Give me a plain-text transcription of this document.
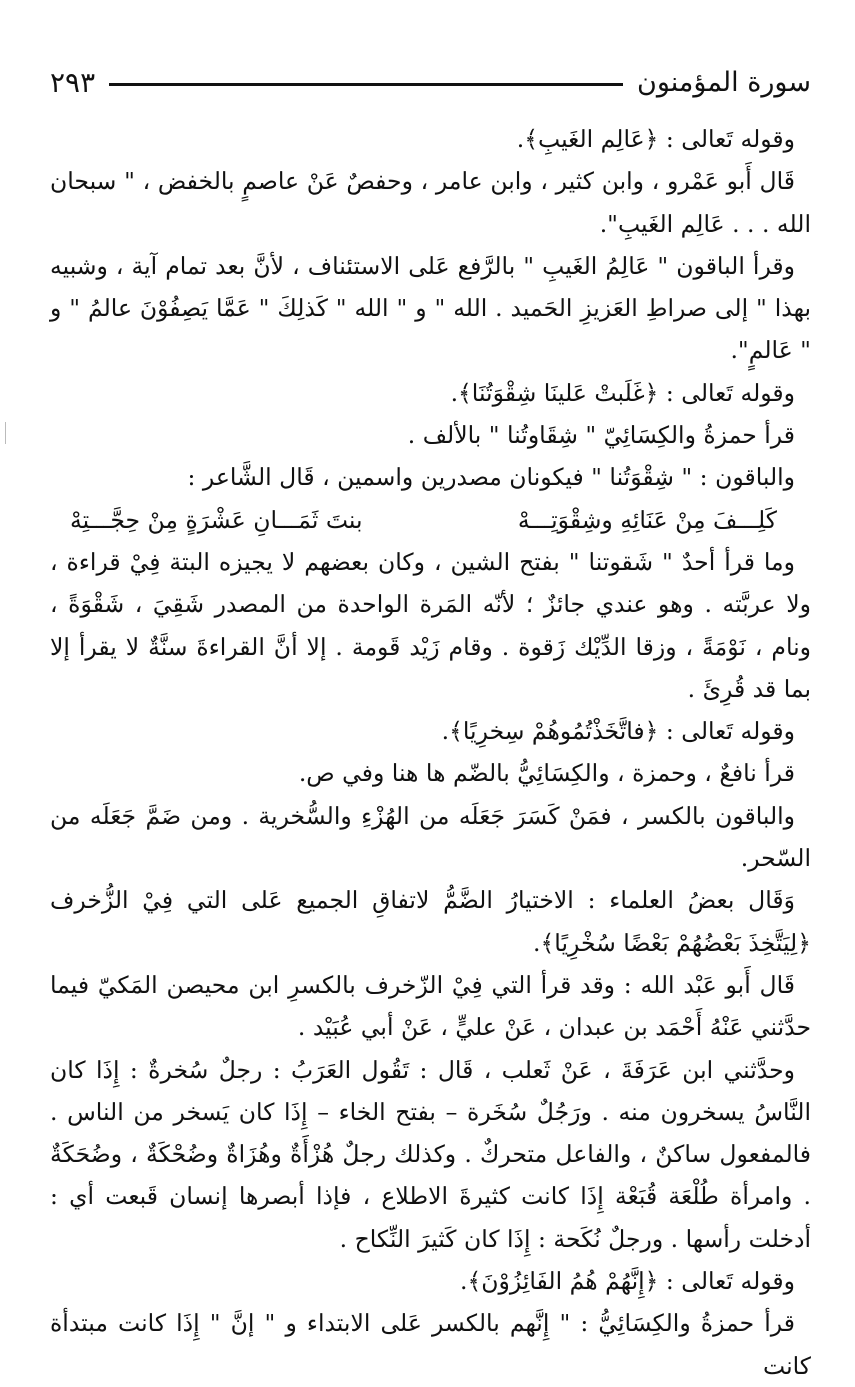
٢٩٣	سورة المؤمنون

وقوله تَعالى : ﴿عَالِم الغَيبِ﴾.

قَال أَبو عَمْرو ، وابن كثير ، وابن عامر ، وحفصٌ عَنْ عاصمٍ بالخفض ، " سبحان الله . . . عَالِم الغَيبِ".

وقرأ الباقون " عَالِمُ الغَيبِ " بالرَّفع عَلى الاستئناف ، لأنَّ بعد تمام آية ، وشبيه بهذا " إلى صراطِ العَزيزِ الحَميد . الله " و " الله " كَذلِكَ " عَمَّا يَصِفُوْنَ عالمُ " و " عَالمٍ".

وقوله تَعالى : ﴿غَلَبتْ عَلينَا شِقْوَتُنَا﴾.

قرأ حمزةُ والكِسَائِيّ " شِقَاوتُنا " بالألف .

والباقون : " شِقْوَتُنا " فيكونان مصدرين واسمين ، قَال الشَّاعر :

كَلِـــفَ مِنْ عَنَائِهِ وشِقْوَتِـــهْ
بنتَ ثَمَـــانِ عَشْرَةٍ مِنْ حِجَّـــتِهْ

وما قرأ أحدٌ " شَقوتنا " بفتح الشين ، وكان بعضهم لا يجيزه البتة فِيْ قراءة ، ولا عربَّته . وهو عندي جائزٌ ؛ لأنّه المَرة الواحدة من المصدر شَقِيَ ، شَقْوَةً ، ونام ، نَوْمَةً ، وزقا الدِّيْك زَقوة . وقام زَيْد قَومة . إلا أنَّ القراءةَ سنَّةٌ لا يقرأ إلا بما قد قُرِئَ .

وقوله تَعالى : ﴿فاتَّخَذْتُمُوهُمْ سِخرِيًا﴾.

قرأ نافعٌ ، وحمزة ، والكِسَائِيُّ بالضّم ها هنا وفي ص.

والباقون بالكسر ، فمَنْ كَسَرَ جَعَلَه من الهُزْءِ والسُّخرية . ومن ضَمَّ جَعَلَه من السّحر.

وَقَال بعضُ العلماء : الاختيارُ الضَّمُّ لاتفاقِ الجميع عَلى التي فِيْ الزُّخرف ﴿لِيَتَّخِذَ بَعْضُهُمْ بَعْضًا سُخْرِيًا﴾.

قَال أَبو عَبْد الله : وقد قرأ التي فِيْ الزّخرف بالكسرِ ابن محيصن المَكيّ فيما حدَّثني عَنْهُ أَحْمَد بن عبدان ، عَنْ عليٍّ ، عَنْ أبي عُبَيْد .

وحدَّثني ابن عَرَفَةَ ، عَنْ ثَعلب ، قَال : تَقُول العَرَبُ : رجلٌ سُخرةٌ : إِذَا كان النَّاسُ يسخرون منه . ورَجُلٌ سُخَرة – بفتح الخاء – إِذَا كان يَسخر من الناس . فالمفعول ساكنٌ ، والفاعل متحركٌ . وكذلك رجلٌ هُزْأَةٌ وهُزَاةٌ وضُحْكَةٌ ، وضُحَكَةٌ . وامرأة طُلْعَة قُبَعْة إِذَا كانت كثيرةَ الاطلاع ، فإذا أبصرها إنسان قَبعت أي : أدخلت رأسها . ورجلٌ نُكَحة : إِذَا كان كَثيرَ النِّكاح .

وقوله تَعالى : ﴿إِنَّهُمْ هُمُ الفَائِزُوْنَ﴾.

قرأ حمزةُ والكِسَائِيُّ : " إِنَّهم بالكسر عَلى الابتداء و " إنَّ " إِذَا كانت مبتدأة كانت
